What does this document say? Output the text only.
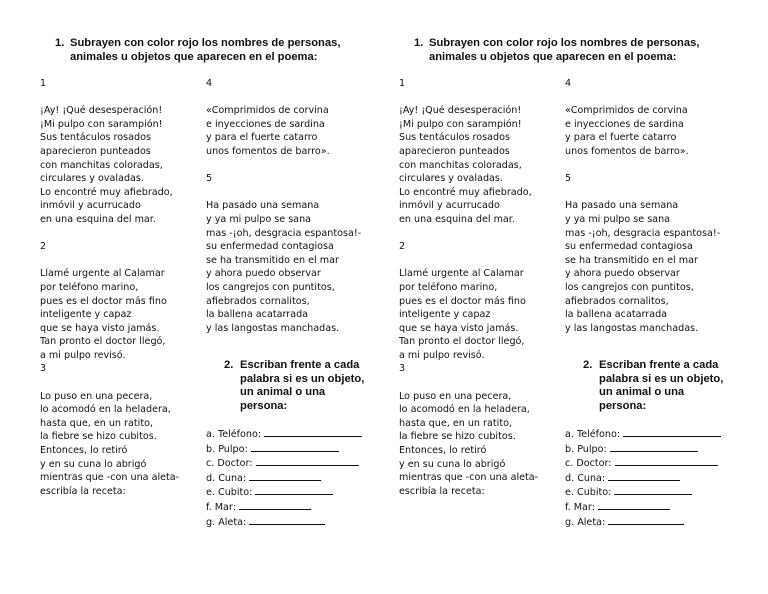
1. Subrayen con color rojo los nombres de personas, animales u objetos que aparecen en el poema:
1
¡Ay! ¡Qué desesperación!
¡Mi pulpo con sarampión!
Sus tentáculos rosados
aparecieron punteados
con manchitas coloradas,
circulares y ovaladas.
Lo encontré muy afiebrado,
inmóvil y acurrucado
en una esquina del mar.
2
Llamé urgente al Calamar
por teléfono marino,
pues es el doctor más fino
inteligente y capaz
que se haya visto jamás.
Tan pronto el doctor llegó,
a mi pulpo revisó.
3
Lo puso en una pecera,
lo acomodó en la heladera,
hasta que, en un ratito,
la fiebre se hizo cubitos.
Entonces, lo retiró
y en su cuna lo abrigó
mientras que -con una aleta-
escribía la receta:
4
«Comprimidos de corvina
e inyecciones de sardina
y para el fuerte catarro
unos fomentos de barro».
5
Ha pasado una semana
y ya mi pulpo se sana
mas -¡oh, desgracia espantosa!-
su enfermedad contagiosa
se ha transmitido en el mar
y ahora puedo observar
los cangrejos con puntitos,
afiebrados cornalitos,
la ballena acatarrada
y las langostas manchadas.
2. Escriban frente a cada palabra si es un objeto, un animal o una persona:
a. Teléfono:
b. Pulpo:
c. Doctor:
d. Cuna:
e. Cubito:
f. Mar:
g. Aleta:
1. Subrayen con color rojo los nombres de personas, animales u objetos que aparecen en el poema:
1
¡Ay! ¡Qué desesperación!
¡Mi pulpo con sarampión!
Sus tentáculos rosados
aparecieron punteados
con manchitas coloradas,
circulares y ovaladas.
Lo encontré muy afiebrado,
inmóvil y acurrucado
en una esquina del mar.
2
Llamé urgente al Calamar
por teléfono marino,
pues es el doctor más fino
inteligente y capaz
que se haya visto jamás.
Tan pronto el doctor llegó,
a mi pulpo revisó.
3
Lo puso en una pecera,
lo acomodó en la heladera,
hasta que, en un ratito,
la fiebre se hizo cubitos.
Entonces, lo retiró
y en su cuna lo abrigó
mientras que -con una aleta-
escribía la receta:
4
«Comprimidos de corvina
e inyecciones de sardina
y para el fuerte catarro
unos fomentos de barro».
5
Ha pasado una semana
y ya mi pulpo se sana
mas -¡oh, desgracia espantosa!-
su enfermedad contagiosa
se ha transmitido en el mar
y ahora puedo observar
los cangrejos con puntitos,
afiebrados cornalitos,
la ballena acatarrada
y las langostas manchadas.
2. Escriban frente a cada palabra si es un objeto, un animal o una persona:
a. Teléfono:
b. Pulpo:
c. Doctor:
d. Cuna:
e. Cubito:
f. Mar:
g. Aleta:
